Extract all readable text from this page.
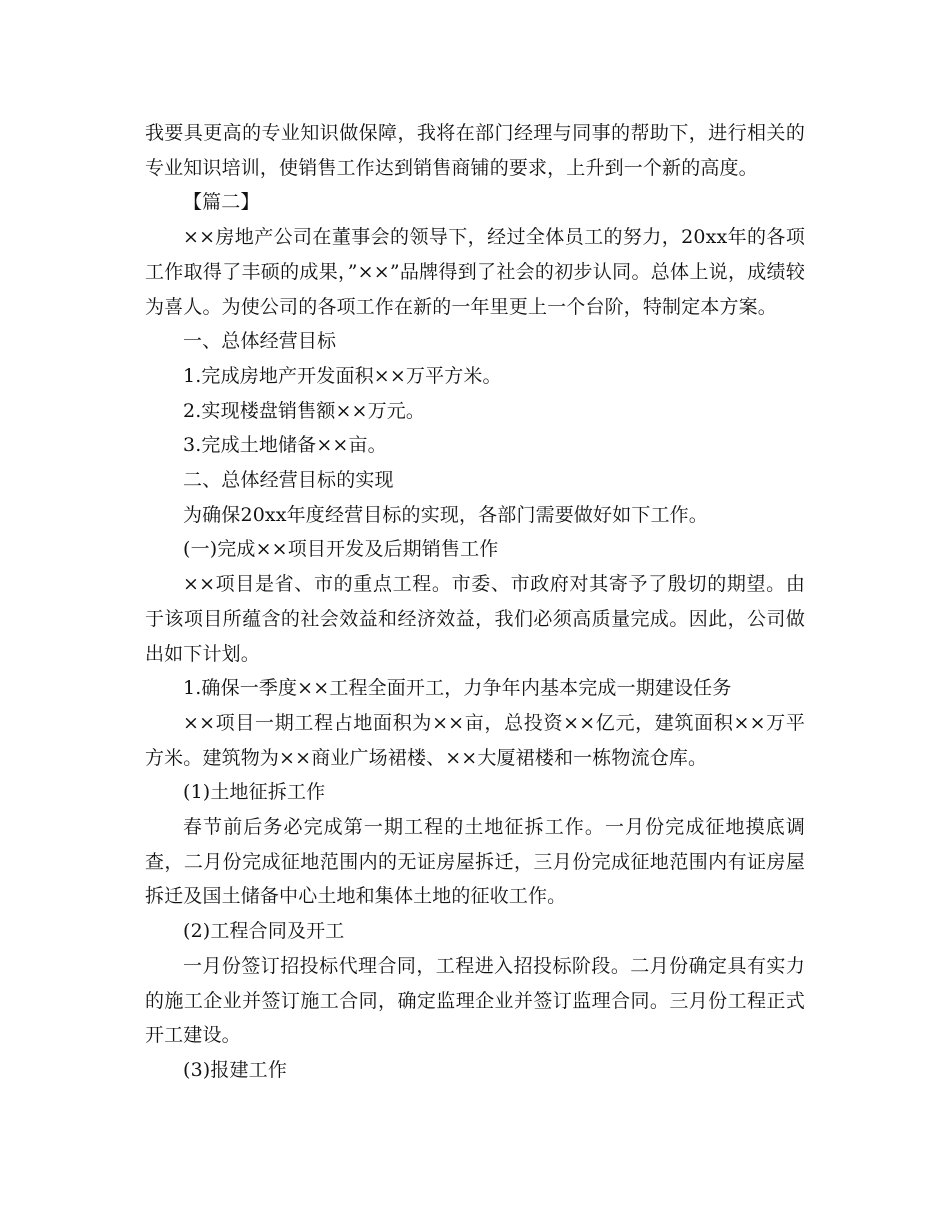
我要具更高的专业知识做保障，我将在部门经理与同事的帮助下，进行相关的专业知识培训，使销售工作达到销售商铺的要求，上升到一个新的高度。

【篇二】

××房地产公司在董事会的领导下，经过全体员工的努力，20xx年的各项工作取得了丰硕的成果，”××”品牌得到了社会的初步认同。总体上说，成绩较为喜人。为使公司的各项工作在新的一年里更上一个台阶，特制定本方案。

一、总体经营目标

1.完成房地产开发面积××万平方米。

2.实现楼盘销售额××万元。

3.完成土地储备××亩。

二、总体经营目标的实现

为确保20xx年度经营目标的实现，各部门需要做好如下工作。

(一)完成××项目开发及后期销售工作

××项目是省、市的重点工程。市委、市政府对其寄予了殷切的期望。由于该项目所蕴含的社会效益和经济效益，我们必须高质量完成。因此，公司做出如下计划。

1.确保一季度××工程全面开工，力争年内基本完成一期建设任务

××项目一期工程占地面积为××亩，总投资××亿元，建筑面积××万平方米。建筑物为××商业广场裙楼、××大厦裙楼和一栋物流仓库。

(1)土地征拆工作

春节前后务必完成第一期工程的土地征拆工作。一月份完成征地摸底调查，二月份完成征地范围内的无证房屋拆迁，三月份完成征地范围内有证房屋拆迁及国土储备中心土地和集体土地的征收工作。

(2)工程合同及开工

一月份签订招投标代理合同，工程进入招投标阶段。二月份确定具有实力的施工企业并签订施工合同，确定监理企业并签订监理合同。三月份工程正式开工建设。

(3)报建工作
